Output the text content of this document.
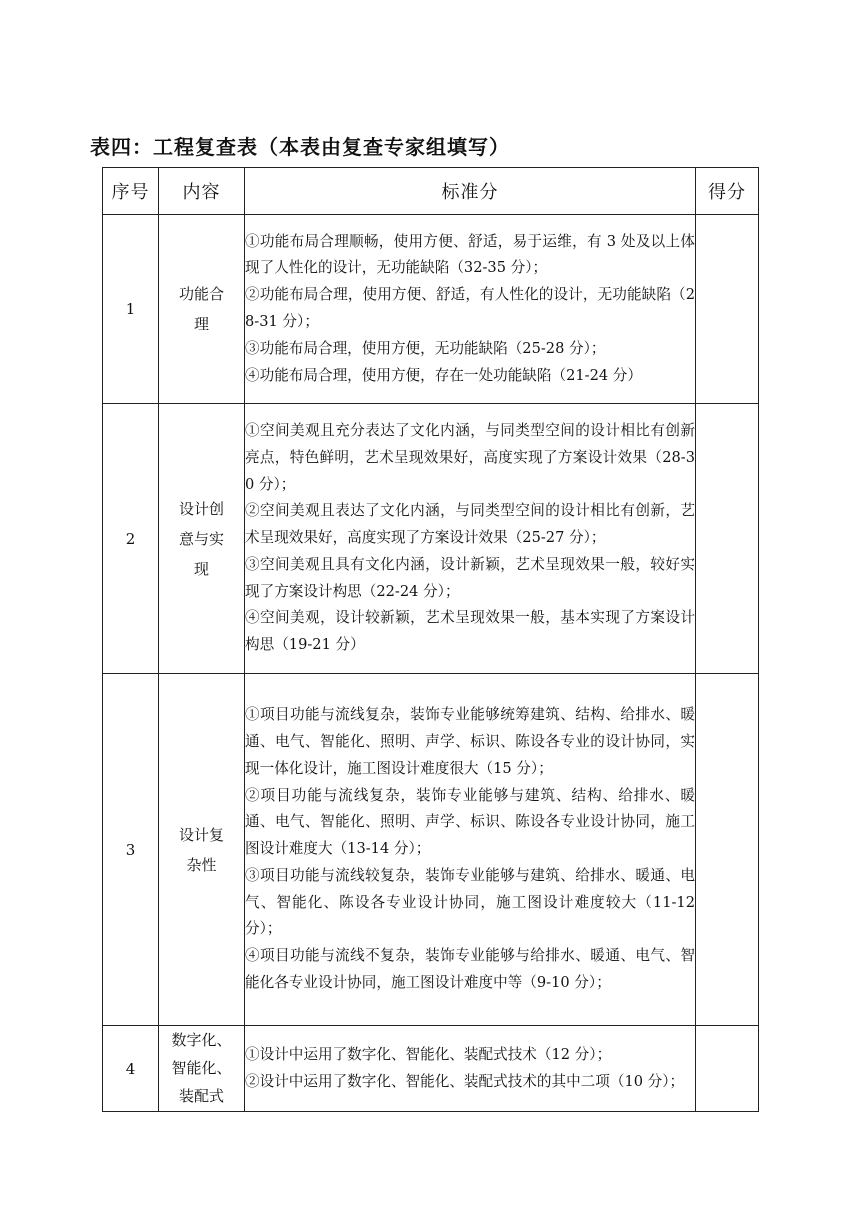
表四：工程复查表（本表由复查专家组填写）
序号	内容	标准分	得分
1	功能合理	①功能布局合理顺畅，使用方便、舒适，易于运维，有 3 处及以上体现了人性化的设计，无功能缺陷（32-35 分）；
②功能布局合理，使用方便、舒适，有人性化的设计，无功能缺陷（28-31 分）；
③功能布局合理，使用方便，无功能缺陷（25-28 分）；
④功能布局合理，使用方便，存在一处功能缺陷（21-24 分）	

2	设计创意与实现	①空间美观且充分表达了文化内涵，与同类型空间的设计相比有创新亮点，特色鲜明，艺术呈现效果好，高度实现了方案设计效果（28-30 分）；
②空间美观且表达了文化内涵，与同类型空间的设计相比有创新，艺术呈现效果好，高度实现了方案设计效果（25-27 分）；
③空间美观且具有文化内涵，设计新颖，艺术呈现效果一般，较好实现了方案设计构思（22-24 分）；
④空间美观，设计较新颖，艺术呈现效果一般，基本实现了方案设计构思（19-21 分）	

3	设计复杂性	①项目功能与流线复杂，装饰专业能够统筹建筑、结构、给排水、暖通、电气、智能化、照明、声学、标识、陈设各专业的设计协同，实现一体化设计，施工图设计难度很大（15 分）；
②项目功能与流线复杂，装饰专业能够与建筑、结构、给排水、暖通、电气、智能化、照明、声学、标识、陈设各专业设计协同，施工图设计难度大（13-14 分）；
③项目功能与流线较复杂，装饰专业能够与建筑、给排水、暖通、电气、智能化、陈设各专业设计协同，施工图设计难度较大（11-12 分）；
④项目功能与流线不复杂，装饰专业能够与给排水、暖通、电气、智能化各专业设计协同，施工图设计难度中等（9-10 分）；	

4	数字化、智能化、装配式	①设计中运用了数字化、智能化、装配式技术（12 分）；
②设计中运用了数字化、智能化、装配式技术的其中二项（10 分）；	
